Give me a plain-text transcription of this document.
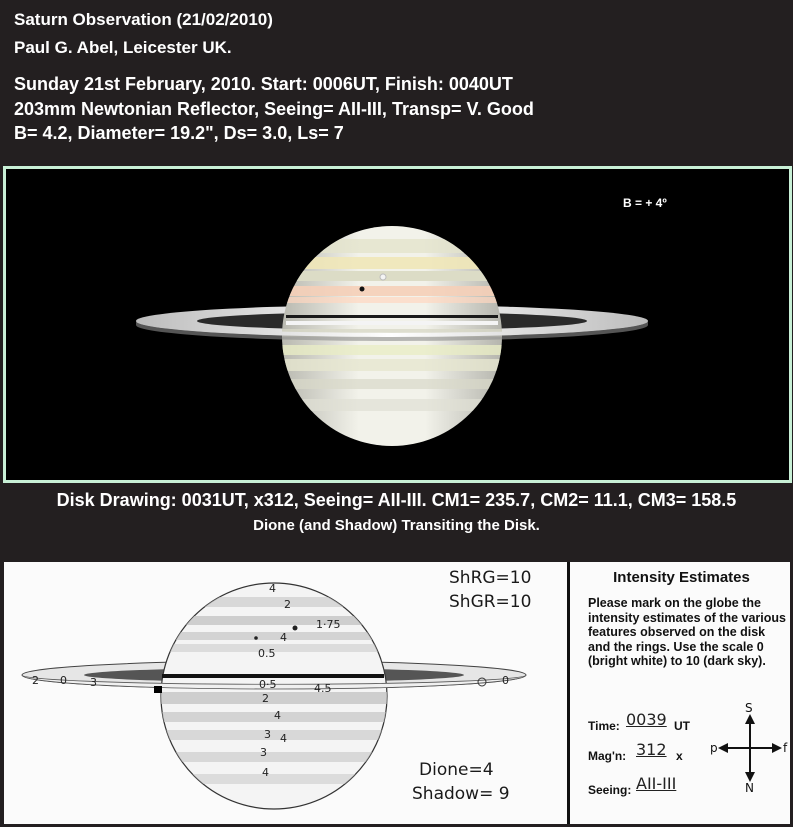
Saturn Observation (21/02/2010)
Paul G. Abel, Leicester UK.
Sunday 21st February, 2010. Start: 0006UT, Finish: 0040UT
203mm Newtonian Reflector, Seeing= AII-III, Transp= V. Good
B= 4.2, Diameter= 19.2", Ds= 3.0, Ls= 7
B = + 4º
Disk Drawing: 0031UT, x312, Seeing= AII-III. CM1= 235.7, CM2= 11.1, CM3= 158.5
Dione (and Shadow) Transiting the Disk.
4
2
4
1·75
0.5
0·5	4.5
2
4
3 4
3
4
2 0 3	0
ShRG=10
ShGR=10
Dione=4
Shadow= 9
Intensity Estimates

Please mark on the globe the intensity estimates of the various features observed on the disk and the rings. Use the scale 0 (bright white) to 10 (dark sky).

Time: 0039 UT
Mag'n: 312 x
Seeing: AII-III
S
N
p	f
